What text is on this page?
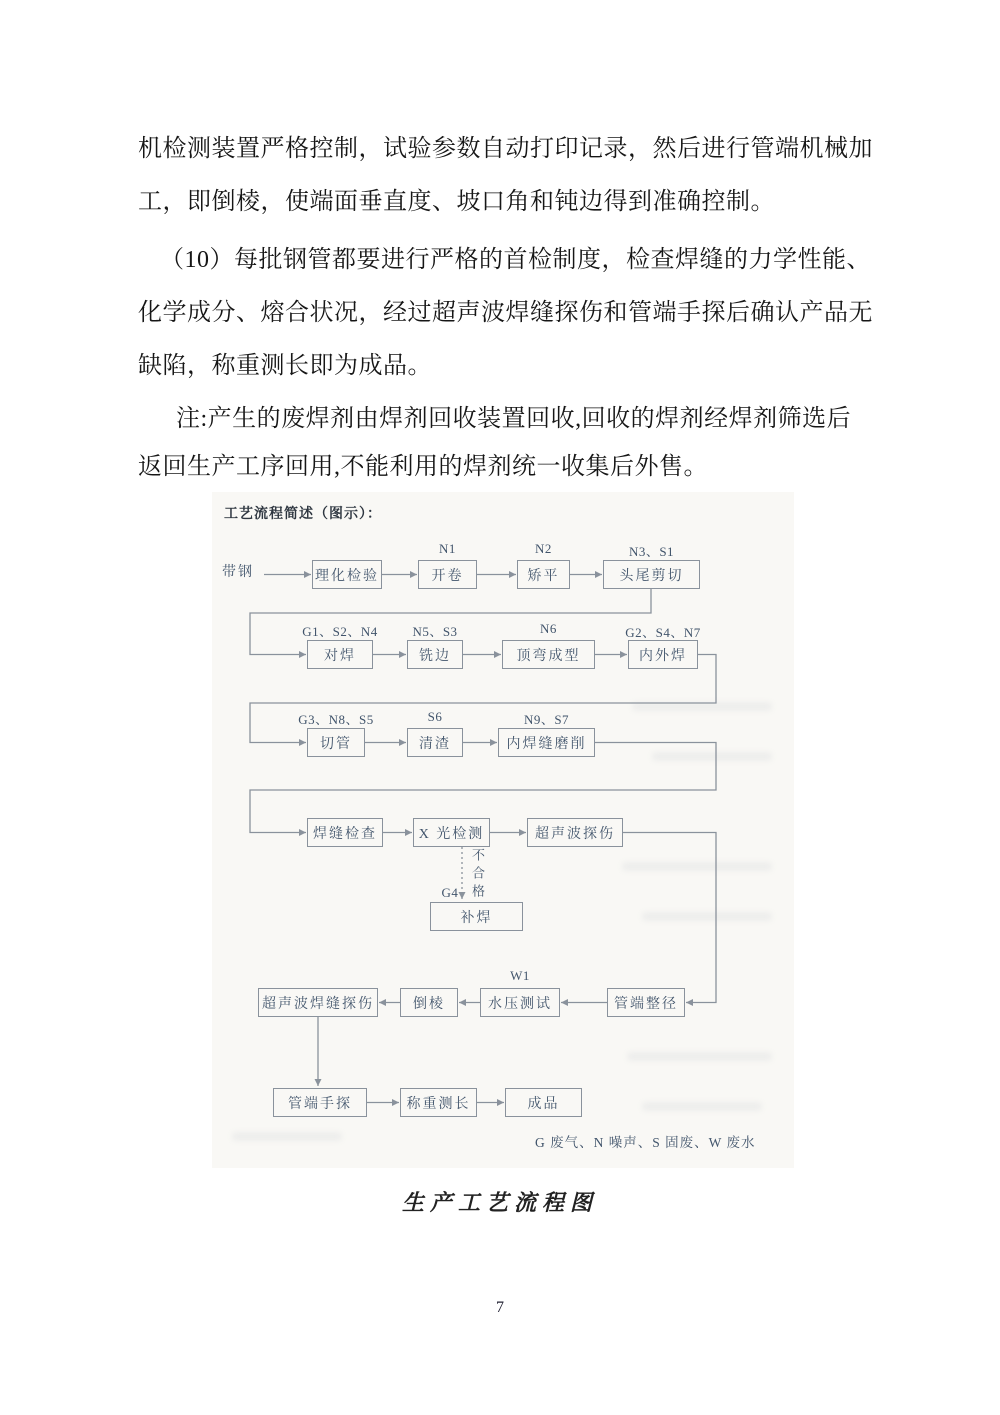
机检测装置严格控制，试验参数自动打印记录，然后进行管端机械加
工，即倒棱，使端面垂直度、坡口角和钝边得到准确控制。
（10）每批钢管都要进行严格的首检制度，检查焊缝的力学性能、
化学成分、熔合状况，经过超声波焊缝探伤和管端手探后确认产品无
缺陷，称重测长即为成品。
注:产生的废焊剂由焊剂回收装置回收,回收的焊剂经焊剂筛选后
返回生产工序回用,不能利用的焊剂统一收集后外售。
工艺流程简述（图示）：
带钢	理化检验	开卷	矫平	头尾剪切
对焊	铣边	顶弯成型	内外焊
切管	清渣	内焊缝磨削
焊缝检查	X 光检测	超声波探伤
补焊
超声波焊缝探伤	倒棱	水压测试	管端整径
管端手探	称重测长	成品
N1	N2	N3、S1
G1、S2、N4	N5、S3	N6	G2、S4、N7
G3、N8、S5	S6	N9、S7
G4
W1
不合格
G 废气、N 噪声、S 固废、W 废水
生产工艺流程图
7
